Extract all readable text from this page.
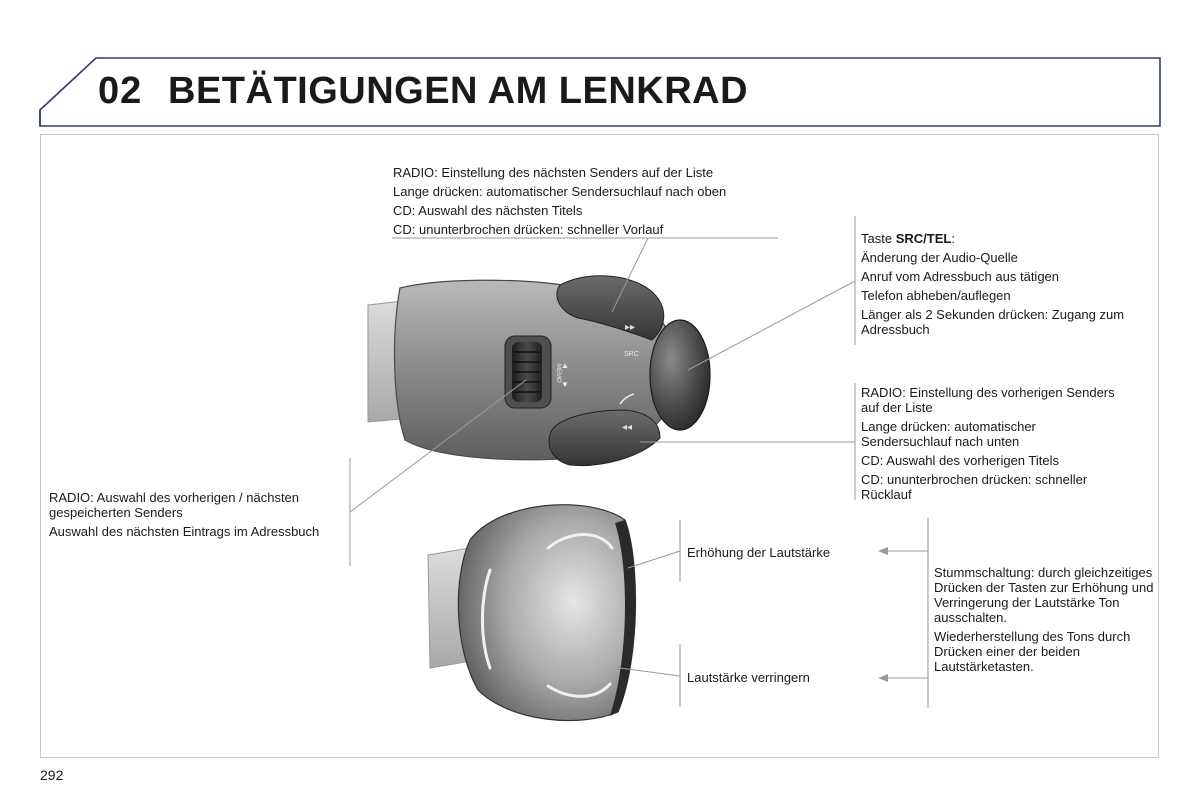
02 BETÄTIGUNGEN AM LENKRAD
▸▸
◂◂
SRC
▲
▼
MEMO

RADIO: Einstellung des nächsten Senders auf der Liste

Lange drücken: automatischer Sendersuchlauf nach oben

CD: Auswahl des nächsten Titels

CD: ununterbrochen drücken: schneller Vorlauf

Taste SRC/TEL:

Änderung der Audio-Quelle

Anruf vom Adressbuch aus tätigen

Telefon abheben/auflegen

Länger als 2 Sekunden drücken: Zugang zum Adressbuch

RADIO: Einstellung des vorherigen Senders auf der Liste

Lange drücken: automatischer Sendersuchlauf nach unten

CD: Auswahl des vorherigen Titels

CD: ununterbrochen drücken: schneller Rücklauf

RADIO: Auswahl des vorherigen / nächsten gespeicherten Senders

Auswahl des nächsten Eintrags im Adressbuch

Erhöhung der Lautstärke
Lautstärke verringern

Stummschaltung: durch gleichzeitiges Drücken der Tasten zur Erhöhung und Verringerung der Lautstärke Ton ausschalten.

Wiederherstellung des Tons durch Drücken einer der beiden Lautstärketasten.

292
